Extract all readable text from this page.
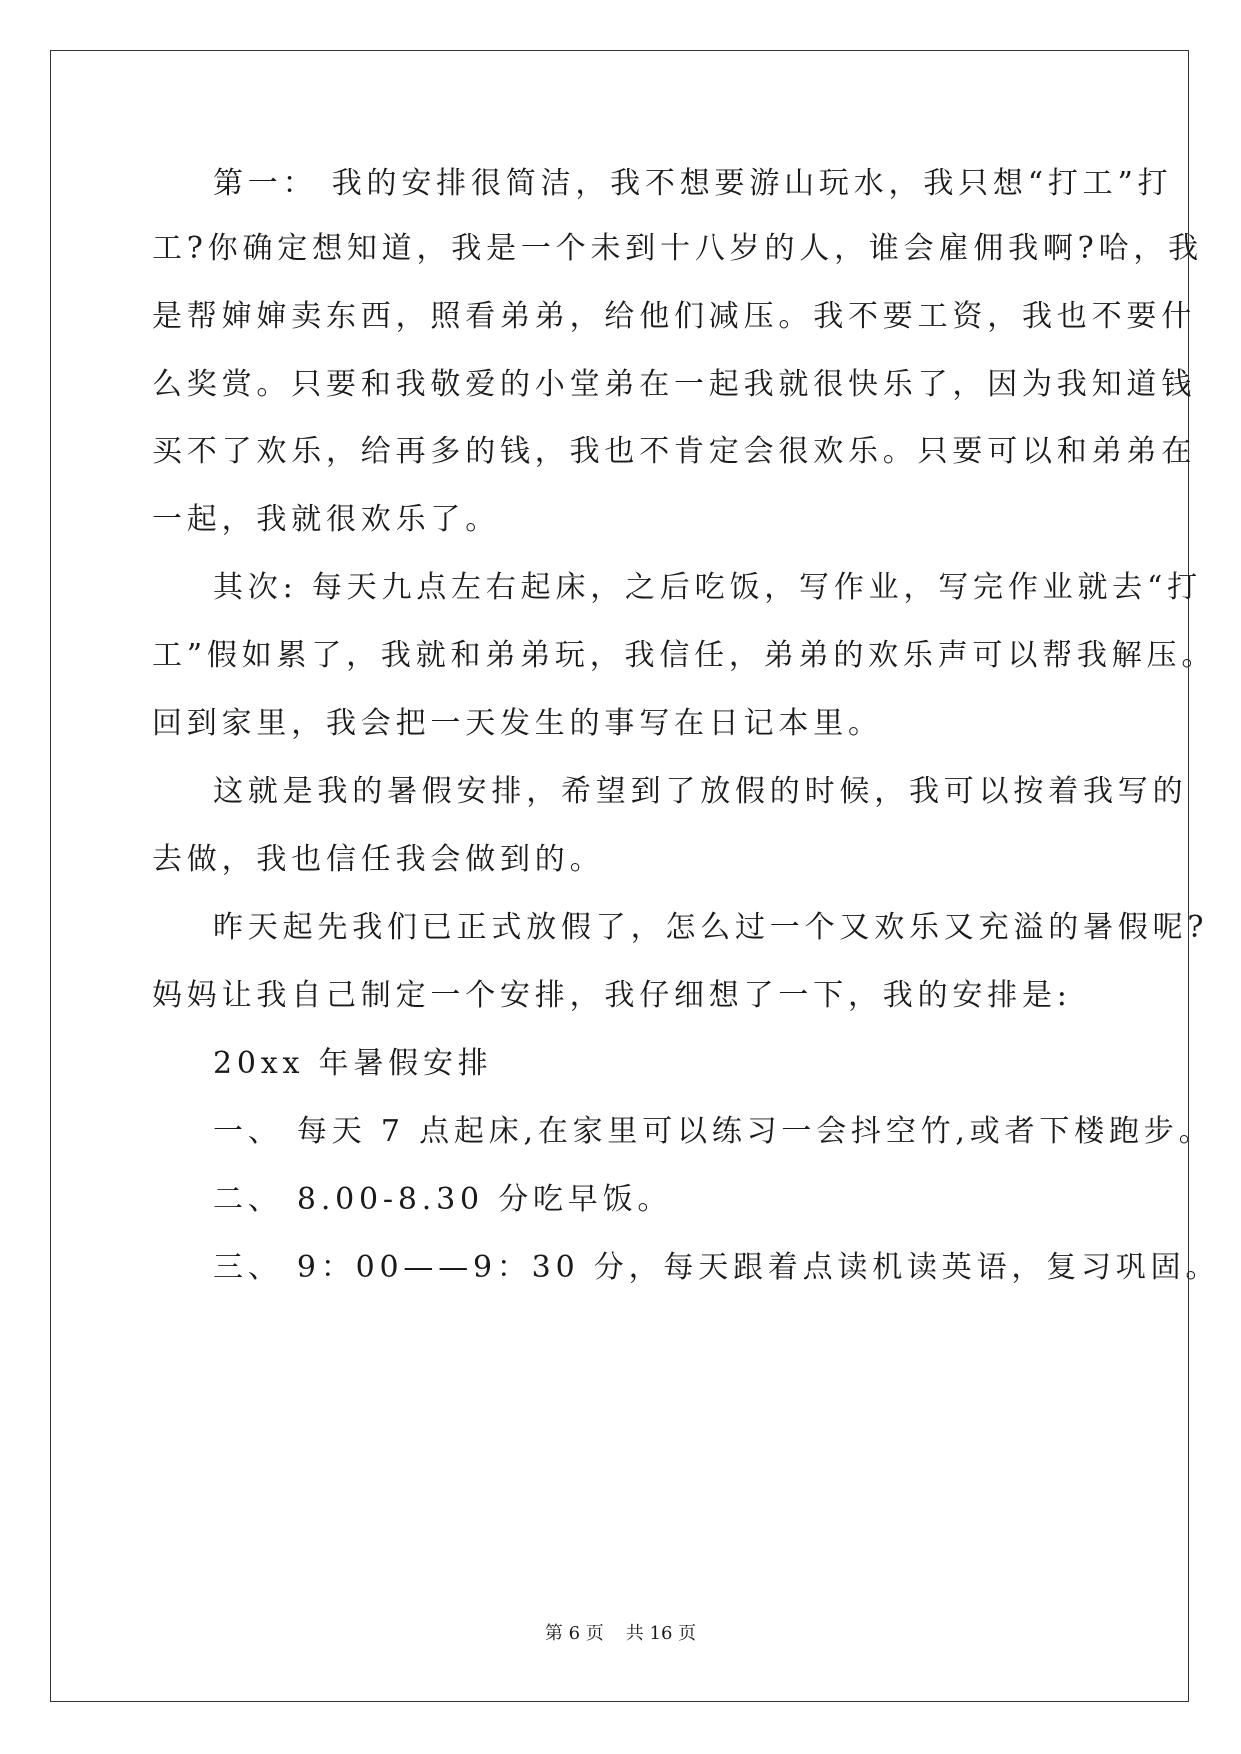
第一： 我的安排很简洁，我不想要游山玩水，我只想“打工”打
工?你确定想知道，我是一个未到十八岁的人，谁会雇佣我啊?哈，我
是帮婶婶卖东西，照看弟弟，给他们减压。我不要工资，我也不要什
么奖赏。只要和我敬爱的小堂弟在一起我就很快乐了，因为我知道钱
买不了欢乐，给再多的钱，我也不肯定会很欢乐。只要可以和弟弟在
一起，我就很欢乐了。
其次: 每天九点左右起床，之后吃饭，写作业，写完作业就去“打
工”假如累了，我就和弟弟玩，我信任，弟弟的欢乐声可以帮我解压。
回到家里，我会把一天发生的事写在日记本里。
这就是我的暑假安排，希望到了放假的时候，我可以按着我写的
去做，我也信任我会做到的。
昨天起先我们已正式放假了，怎么过一个又欢乐又充溢的暑假呢?
妈妈让我自己制定一个安排，我仔细想了一下，我的安排是:
20xx 年暑假安排
一、 每天 7 点起床,在家里可以练习一会抖空竹,或者下楼跑步。
二、 8.00-8.30 分吃早饭。
三、 9：00——9：30 分，每天跟着点读机读英语，复习巩固。
第 6 页 共 16 页
